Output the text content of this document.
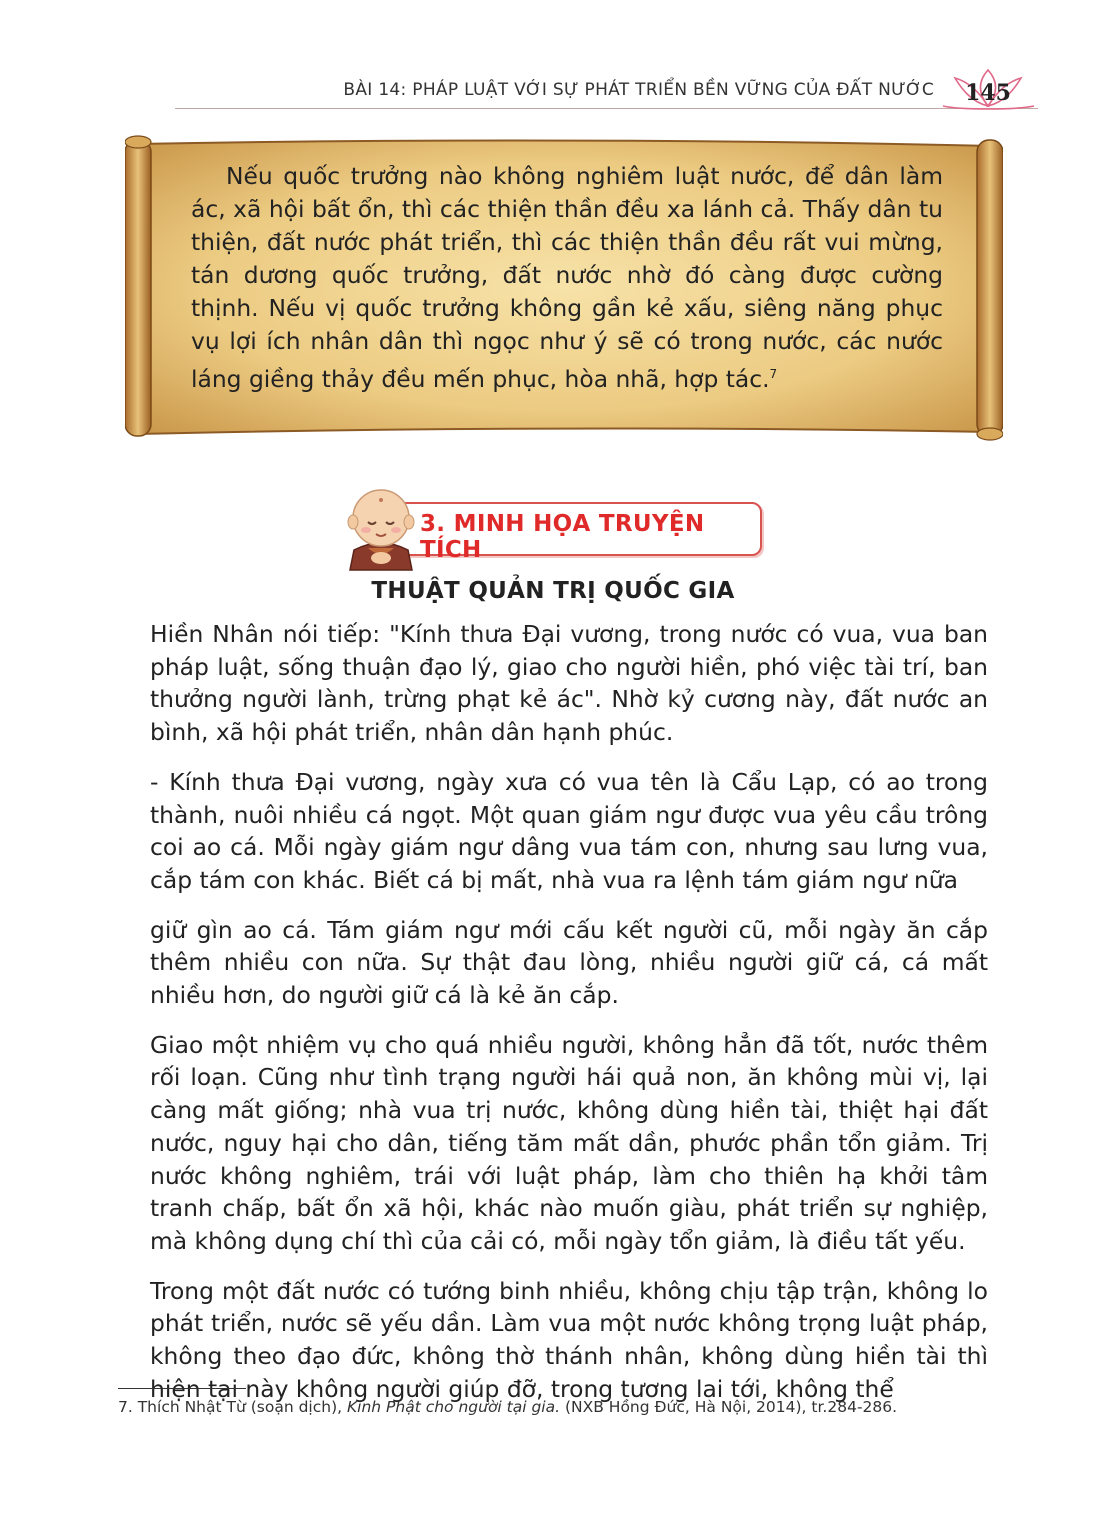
BÀI 14: PHÁP LUẬT VỚI SỰ PHÁT TRIỂN BỀN VỮNG CỦA ĐẤT NƯỚC 145

Nếu quốc trưởng nào không nghiêm luật nước, để dân làm ác, xã hội bất ổn, thì các thiện thần đều xa lánh cả. Thấy dân tu thiện, đất nước phát triển, thì các thiện thần đều rất vui mừng, tán dương quốc trưởng, đất nước nhờ đó càng được cường thịnh. Nếu vị quốc trưởng không gần kẻ xấu, siêng năng phục vụ lợi ích nhân dân thì ngọc như ý sẽ có trong nước, các nước láng giềng thảy đều mến phục, hòa nhã, hợp tác.$^7$

3. MINH HỌA TRUYỆN TÍCH
THUẬT QUẢN TRỊ QUỐC GIA

Hiền Nhân nói tiếp: "Kính thưa Đại vương, trong nước có vua, vua ban pháp luật, sống thuận đạo lý, giao cho người hiền, phó việc tài trí, ban thưởng người lành, trừng phạt kẻ ác". Nhờ kỷ cương này, đất nước an bình, xã hội phát triển, nhân dân hạnh phúc.

- Kính thưa Đại vương, ngày xưa có vua tên là Cẩu Lạp, có ao trong thành, nuôi nhiều cá ngọt. Một quan giám ngư được vua yêu cầu trông coi ao cá. Mỗi ngày giám ngư dâng vua tám con, nhưng sau lưng vua, cắp tám con khác. Biết cá bị mất, nhà vua ra lệnh tám giám ngư nữa

giữ gìn ao cá. Tám giám ngư mới cấu kết người cũ, mỗi ngày ăn cắp thêm nhiều con nữa. Sự thật đau lòng, nhiều người giữ cá, cá mất nhiều hơn, do người giữ cá là kẻ ăn cắp.

Giao một nhiệm vụ cho quá nhiều người, không hẳn đã tốt, nước thêm rối loạn. Cũng như tình trạng người hái quả non, ăn không mùi vị, lại càng mất giống; nhà vua trị nước, không dùng hiền tài, thiệt hại đất nước, nguy hại cho dân, tiếng tăm mất dần, phước phần tổn giảm. Trị nước không nghiêm, trái với luật pháp, làm cho thiên hạ khởi tâm tranh chấp, bất ổn xã hội, khác nào muốn giàu, phát triển sự nghiệp, mà không dụng chí thì của cải có, mỗi ngày tổn giảm, là điều tất yếu.

Trong một đất nước có tướng binh nhiều, không chịu tập trận, không lo phát triển, nước sẽ yếu dần. Làm vua một nước không trọng luật pháp, không theo đạo đức, không thờ thánh nhân, không dùng hiền tài thì hiện tại này không người giúp đỡ, trong tương lai tới, không thể

7. Thích Nhật Từ (soạn dịch), Kinh Phật cho người tại gia. (NXB Hồng Đức, Hà Nội, 2014), tr.284-286.
